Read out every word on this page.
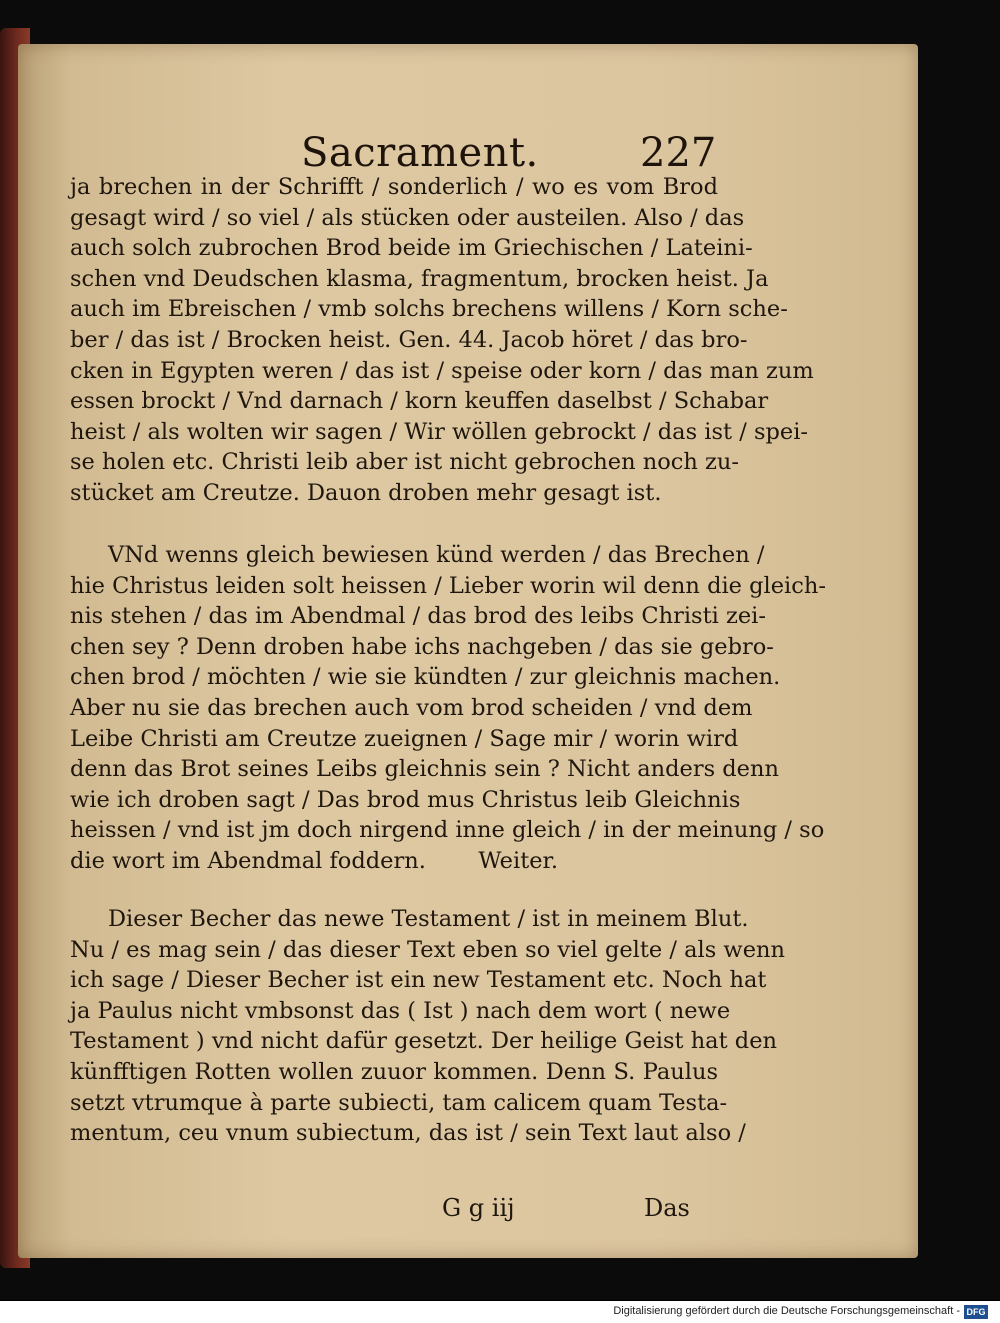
Sacrament.	227
ja brechen in der Schrifft / sonderlich / wo es vom Brod
gesagt wird / so viel / als stücken oder austeilen. Also / das
auch solch zubrochen Brod beide im Griechischen / Lateini-
schen vnd Deudschen klasma, fragmentum, brocken heist. Ja
auch im Ebreischen / vmb solchs brechens willens / Korn sche-
ber / das ist / Brocken heist. Gen. 44. Jacob höret / das bro-
cken in Egypten weren / das ist / speise oder korn / das man zum
essen brockt / Vnd darnach / korn keuffen daselbst / Schabar
heist / als wolten wir sagen / Wir wöllen gebrockt / das ist / spei-
se holen etc. Christi leib aber ist nicht gebrochen noch zu-
stücket am Creutze. Dauon droben mehr gesagt ist.
VNd wenns gleich bewiesen künd werden / das Brechen /
hie Christus leiden solt heissen / Lieber worin wil denn die gleich-
nis stehen / das im Abendmal / das brod des leibs Christi zei-
chen sey ? Denn droben habe ichs nachgeben / das sie gebro-
chen brod / möchten / wie sie kündten / zur gleichnis machen.
Aber nu sie das brechen auch vom brod scheiden / vnd dem
Leibe Christi am Creutze zueignen / Sage mir / worin wird
denn das Brot seines Leibs gleichnis sein ? Nicht anders denn
wie ich droben sagt / Das brod mus Christus leib Gleichnis
heissen / vnd ist jm doch nirgend inne gleich / in der meinung / so
die wort im Abendmal foddern. Weiter.
Dieser Becher das newe Testament / ist in meinem Blut.
Nu / es mag sein / das dieser Text eben so viel gelte / als wenn
ich sage / Dieser Becher ist ein new Testament etc. Noch hat
ja Paulus nicht vmbsonst das ( Ist ) nach dem wort ( newe
Testament ) vnd nicht dafür gesetzt. Der heilige Geist hat den
künfftigen Rotten wollen zuuor kommen. Denn S. Paulus
setzt vtrumque à parte subiecti, tam calicem quam Testa-
mentum, ceu vnum subiectum, das ist / sein Text laut also /
G g iij	Das
Digitalisierung gefördert durch die Deutsche Forschungsgemeinschaft - DFG
